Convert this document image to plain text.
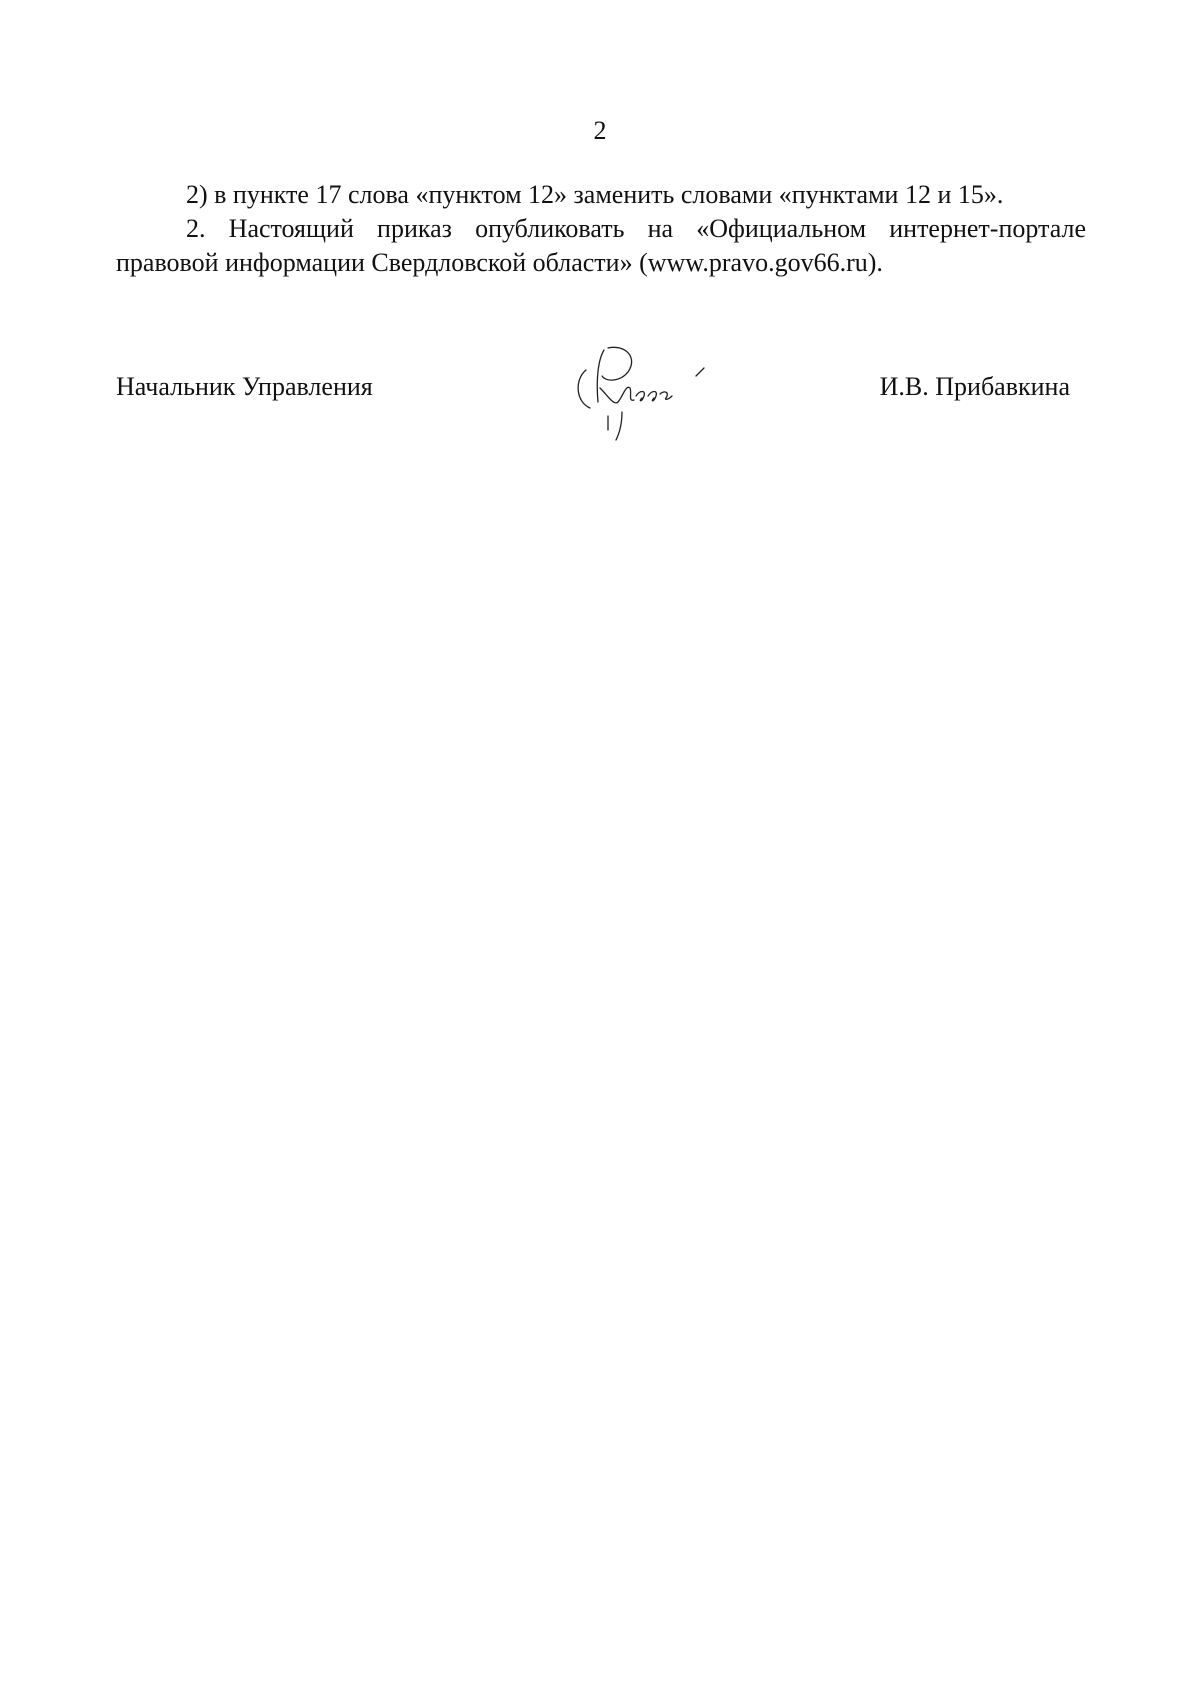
2

2) в пункте 17 слова «пунктом 12» заменить словами «пунктами 12 и 15».

2. Настоящий приказ опубликовать на «Официальном интернет-портале правовой информации Свердловской области» (www.pravo.gov66.ru).

Начальник Управления	И.В. Прибавкина
